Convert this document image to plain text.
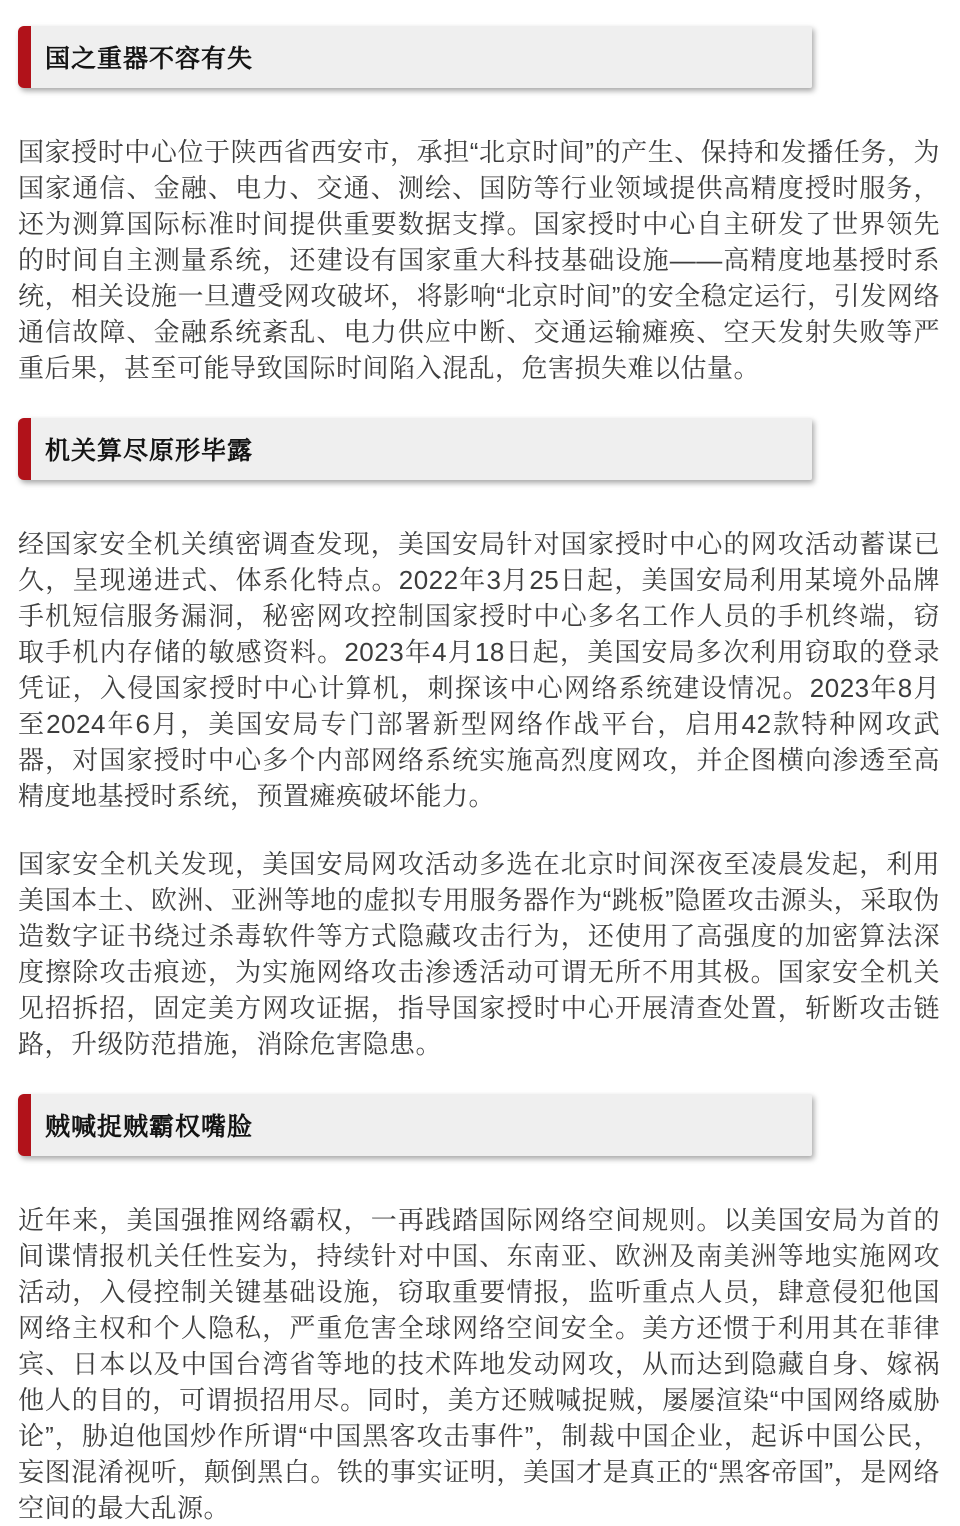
国之重器不容有失

国家授时中心位于陕西省西安市，承担“北京时间”的产生、保持和发播任务，为国家通信、金融、电力、交通、测绘、国防等行业领域提供高精度授时服务，还为测算国际标准时间提供重要数据支撑。国家授时中心自主研发了世界领先的时间自主测量系统，还建设有国家重大科技基础设施——高精度地基授时系统，相关设施一旦遭受网攻破坏，将影响“北京时间”的安全稳定运行，引发网络通信故障、金融系统紊乱、电力供应中断、交通运输瘫痪、空天发射失败等严重后果，甚至可能导致国际时间陷入混乱，危害损失难以估量。

机关算尽原形毕露

经国家安全机关缜密调查发现，美国安局针对国家授时中心的网攻活动蓄谋已久，呈现递进式、体系化特点。2022年3月25日起，美国安局利用某境外品牌手机短信服务漏洞，秘密网攻控制国家授时中心多名工作人员的手机终端，窃取手机内存储的敏感资料。2023年4月18日起，美国安局多次利用窃取的登录凭证，入侵国家授时中心计算机，刺探该中心网络系统建设情况。2023年8月至2024年6月，美国安局专门部署新型网络作战平台，启用42款特种网攻武器，对国家授时中心多个内部网络系统实施高烈度网攻，并企图横向渗透至高精度地基授时系统，预置瘫痪破坏能力。

国家安全机关发现，美国安局网攻活动多选在北京时间深夜至凌晨发起，利用美国本土、欧洲、亚洲等地的虚拟专用服务器作为“跳板”隐匿攻击源头，采取伪造数字证书绕过杀毒软件等方式隐藏攻击行为，还使用了高强度的加密算法深度擦除攻击痕迹，为实施网络攻击渗透活动可谓无所不用其极。国家安全机关见招拆招，固定美方网攻证据，指导国家授时中心开展清查处置，斩断攻击链路，升级防范措施，消除危害隐患。

贼喊捉贼霸权嘴脸

近年来，美国强推网络霸权，一再践踏国际网络空间规则。以美国安局为首的间谍情报机关任性妄为，持续针对中国、东南亚、欧洲及南美洲等地实施网攻活动，入侵控制关键基础设施，窃取重要情报，监听重点人员，肆意侵犯他国网络主权和个人隐私，严重危害全球网络空间安全。美方还惯于利用其在菲律宾、日本以及中国台湾省等地的技术阵地发动网攻，从而达到隐藏自身、嫁祸他人的目的，可谓损招用尽。同时，美方还贼喊捉贼，屡屡渲染“中国网络威胁论”，胁迫他国炒作所谓“中国黑客攻击事件”，制裁中国企业，起诉中国公民，妄图混淆视听，颠倒黑白。铁的事实证明，美国才是真正的“黑客帝国”，是网络空间的最大乱源。
